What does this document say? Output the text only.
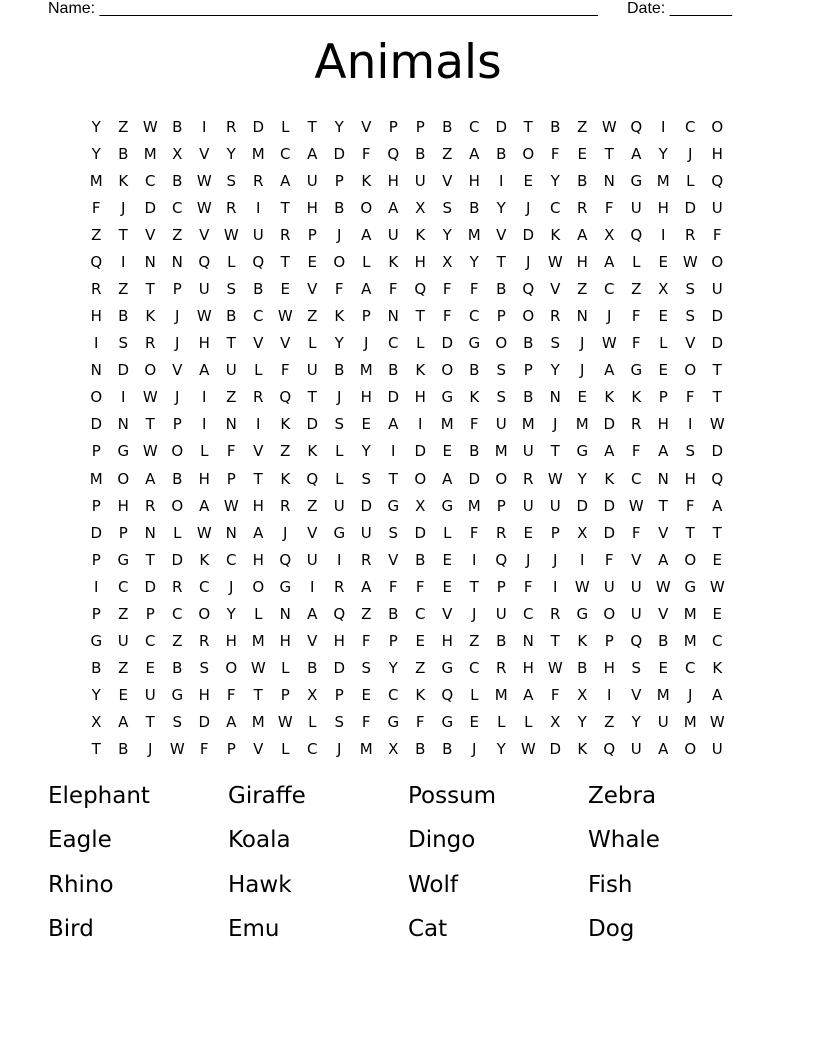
Name: ________________________________________________________ Date: _______
Animals
Y	Z W B	I	R	D	L	T	Y	V	P	P	B	C	D	T	B	Z W Q	I	C	O
Y	B M X	V	Y	M C	A	D	F	Q	B	Z	A	B	O	F	E	T	A	Y	J	H
M	K	C	B W S	R	A	U	P	K	H	U	V	H	I	E	Y	B	N	G M	L	Q
F	J	D	C W R	I	T	H	B	O	A	X	S	B	Y	J	C	R	F	U	H	D	U
Z	T	V	Z	V W U	R	P	J	A	U	K	Y	M V	D	K	A	X	Q	I	R	F
Q	I	N	N Q	L	Q	T	E	O	L	K	H	X	Y	T	J	W H	A	L	E W O
R	Z	T	P	U	S	B	E	V	F	A	F	Q	F	F	B	Q	V	Z	C	Z	X	S	U
H	B	K	J	W B	C W Z	K	P	N	T	F	C	P	O	R	N	J	F	E	S	D
I	S	R	J	H	T	V	V	L	Y	J	C	L	D G O	B	S	J	W F	L	V	D
N	D O	V	A	U	L	F	U	B M B	K	O	B	S	P	Y	J	A	G	E	O	T
O	I	W	J	I	Z	R	Q	T	J	H	D	H	G	K	S	B	N	E	K	K	P	F	T
D	N	T	P	I	N	I	K	D	S	E	A	I	M	F	U M	J	M D	R	H	I	W
P	G W O	L	F	V	Z	K	L	Y	I	D	E	B M U	T	G	A	F	A	S	D
M O	A	B	H	P	T	K	Q	L	S	T	O	A	D O	R W Y	K	C	N	H Q
P	H	R	O	A W H	R	Z	U	D G	X	G M	P	U	U	D D W T	F	A
D	P	N	L W N	A	J	V	G	U	S	D	L	F	R	E	P	X	D	F	V	T	T
P	G	T	D	K	C	H Q	U	I	R	V	B	E	I	Q	J	J	I	F	V	A	O	E
I	C	D	R	C	J	O G	I	R	A	F	F	E	T	P	F	I	W U	U W G W
P	Z	P	C	O	Y	L	N	A	Q	Z	B	C	V	J	U	C	R	G O	U	V M	E
G	U	C	Z	R	H M H	V	H	F	P	E	H	Z	B	N	T	K	P	Q	B M C
B	Z	E	B	S	O W L	B	D	S	Y	Z	G	C	R	H W B	H	S	E	C	K
Y	E	U	G	H	F	T	P	X	P	E	C	K	Q	L	M A	F	X	I	V M	J	A
X	A	T	S	D	A M W L	S	F	G	F	G	E	L	L	X	Y	Z	Y	U M W
T	B	J	W F	P	V	L	C	J	M X	B	B	J	Y W D	K	Q	U	A	O	U
Elephant	Giraffe	Possum	Zebra
Eagle	Koala	Dingo	Whale
Rhino	Hawk	Wolf	Fish
Bird	Emu	Cat	Dog
